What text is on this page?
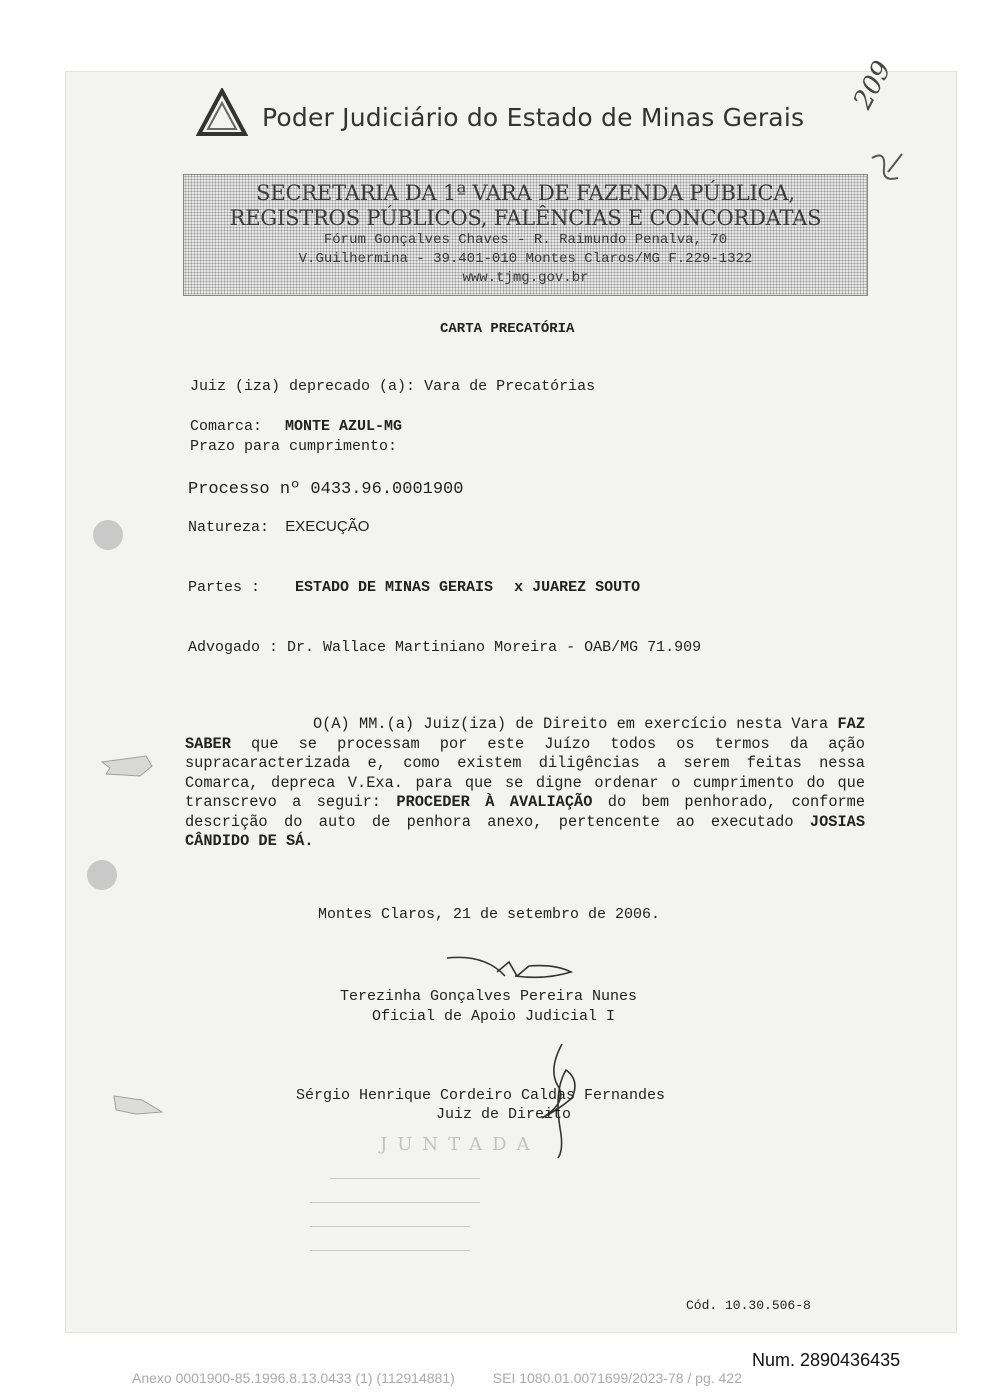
Poder Judiciário do Estado de Minas Gerais
209
SECRETARIA DA 1ª VARA DE FAZENDA PÚBLICA,
REGISTROS PÚBLICOS, FALÊNCIAS E CONCORDATAS
Fórum Gonçalves Chaves - R. Raimundo Penalva, 70
V.Guilhermina - 39.401-010 Montes Claros/MG F.229-1322
www.tjmg.gov.br
CARTA PRECATÓRIA
Juiz (iza) deprecado (a): Vara de Precatórias
Comarca: MONTE AZUL-MG
Prazo para cumprimento:
Processo nº 0433.96.0001900
Natureza: EXECUÇÃO
Partes : ESTADO DE MINAS GERAIS x JUAREZ SOUTO
Advogado : Dr. Wallace Martiniano Moreira - OAB/MG 71.909
O(A) MM.(a) Juiz(iza) de Direito em exercício nesta Vara FAZ SABER que se processam por este Juízo todos os termos da ação supracaracterizada e, como existem diligências a serem feitas nessa Comarca, depreca V.Exa. para que se digne ordenar o cumprimento do que transcrevo a seguir: PROCEDER À AVALIAÇÃO do bem penhorado, conforme descrição do auto de penhora anexo, pertencente ao executado JOSIAS CÂNDIDO DE SÁ.
Montes Claros, 21 de setembro de 2006.
Terezinha Gonçalves Pereira Nunes
Oficial de Apoio Judicial I
Sérgio Henrique Cordeiro Caldas Fernandes
Juiz de Direito
JUNTADA
Cód. 10.30.506-8
Num. 2890436435
Anexo 0001900-85.1996.8.13.0433 (1) (112914881)	SEI 1080.01.0071699/2023-78 / pg. 422
